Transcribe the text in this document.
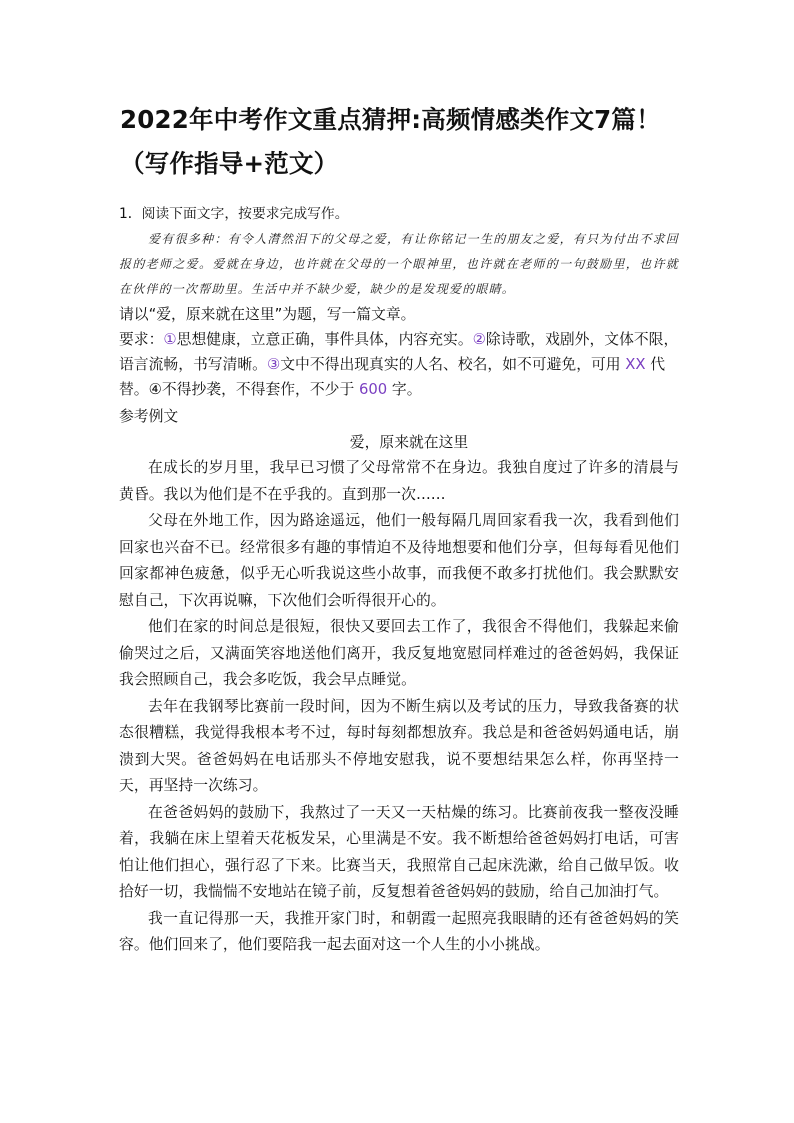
2022年中考作文重点猜押:高频情感类作文7篇！（写作指导+范文）
1．阅读下面文字，按要求完成写作。
爱有很多种：有令人潸然泪下的父母之爱，有让你铭记一生的朋友之爱，有只为付出不求回报的老师之爱。爱就在身边，也许就在父母的一个眼神里，也许就在老师的一句鼓励里，也许就在伙伴的一次帮助里。生活中并不缺少爱，缺少的是发现爱的眼睛。
请以“爱，原来就在这里”为题，写一篇文章。
要求：①思想健康，立意正确，事件具体，内容充实。②除诗歌，戏剧外，文体不限，语言流畅，书写清晰。③文中不得出现真实的人名、校名，如不可避免，可用 XX 代替。④不得抄袭，不得套作，不少于 600 字。
参考例文
爱，原来就在这里

在成长的岁月里，我早已习惯了父母常常不在身边。我独自度过了许多的清晨与黄昏。我以为他们是不在乎我的。直到那一次……

父母在外地工作，因为路途遥远，他们一般每隔几周回家看我一次，我看到他们回家也兴奋不已。经常很多有趣的事情迫不及待地想要和他们分享，但每每看见他们回家都神色疲惫，似乎无心听我说这些小故事，而我便不敢多打扰他们。我会默默安慰自己，下次再说嘛，下次他们会听得很开心的。

他们在家的时间总是很短，很快又要回去工作了，我很舍不得他们，我躲起来偷偷哭过之后，又满面笑容地送他们离开，我反复地宽慰同样难过的爸爸妈妈，我保证我会照顾自己，我会多吃饭，我会早点睡觉。

去年在我钢琴比赛前一段时间，因为不断生病以及考试的压力，导致我备赛的状态很糟糕，我觉得我根本考不过，每时每刻都想放弃。我总是和爸爸妈妈通电话，崩溃到大哭。爸爸妈妈在电话那头不停地安慰我，说不要想结果怎么样，你再坚持一天，再坚持一次练习。

在爸爸妈妈的鼓励下，我熬过了一天又一天枯燥的练习。比赛前夜我一整夜没睡着，我躺在床上望着天花板发呆，心里满是不安。我不断想给爸爸妈妈打电话，可害怕让他们担心，强行忍了下来。比赛当天，我照常自己起床洗漱，给自己做早饭。收拾好一切，我惴惴不安地站在镜子前，反复想着爸爸妈妈的鼓励，给自己加油打气。

我一直记得那一天，我推开家门时，和朝霞一起照亮我眼睛的还有爸爸妈妈的笑容。他们回来了，他们要陪我一起去面对这一个人生的小小挑战。
